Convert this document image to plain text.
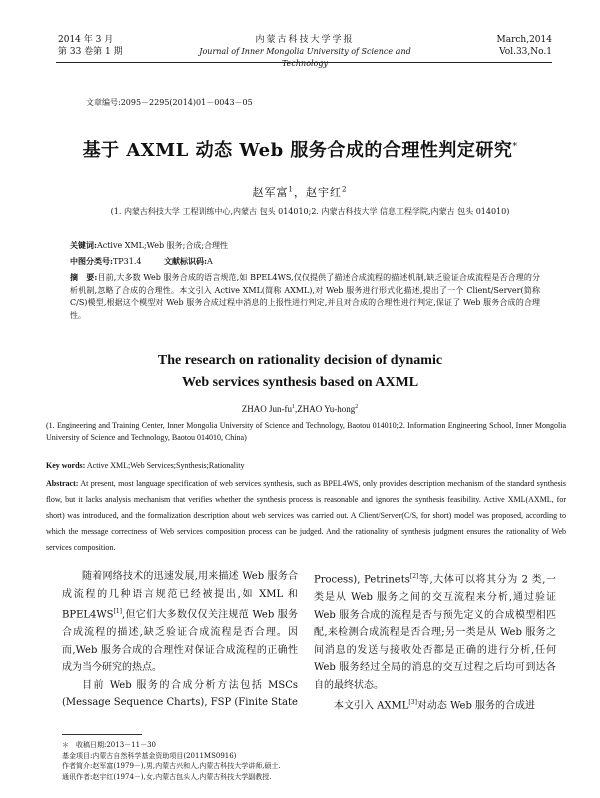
2014 年 3 月
第 33 卷第 1 期
内蒙古科技大学学报
Journal of Inner Mongolia University of Science and Technology
March,2014
Vol.33,No.1
文章编号:2095－2295(2014)01－0043－05
基于 AXML 动态 Web 服务合成的合理性判定研究*
赵军富$^1$，赵宇红$^2$
(1. 内蒙古科技大学 工程训练中心,内蒙古 包头 014010;2. 内蒙古科技大学 信息工程学院,内蒙古 包头 014010)
关键词:Active XML;Web 服务;合成;合理性
中图分类号:TP31.4	文献标识码:A
摘　要:目前,大多数 Web 服务合成的语言规范,如 BPEL4WS,仅仅提供了描述合成流程的描述机制,缺乏验证合成流程是否合理的分析机制,忽略了合成的合理性。本文引入 Active XML(简称 AXML),对 Web 服务进行形式化描述,提出了一个 Client/Server(简称 C/S)模型,根据这个模型对 Web 服务合成过程中消息的上报性进行判定,并且对合成的合理性进行判定,保证了 Web 服务合成的合理性。
The research on rationality decision of dynamic
Web services synthesis based on AXML
ZHAO Jun-$fu^1,ZHAO$ Yu-hong$^2$
(1. Engineering and Training Center, Inner Mongolia University of Science and Technology, Baotou 014010;2. Information Engineering School, Inner Mongolia University of Science and Technology, Baotou 014010, China)
Key words: Active XML;Web Services;Synthesis;Rationality
Abstract: At present, most language specification of web services synthesis, such as BPEL4WS, only provides description mechanism of the standard synthesis flow, but it lacks analysis mechanism that verifies whether the synthesis process is reasonable and ignores the synthesis feasibility. Active XML(AXML, for short) was introduced, and the formalization description about web services was carried out. A Client/Server(C/S, for short) model was proposed, according to which the message correctness of Web services composition process can be judged. And the rationality of synthesis judgment ensures the rationality of Web services composition.

随着网络技术的迅速发展,用来描述 Web 服务合成流程的几种语言规范已经被提出,如 XML 和 BPEL4WS[1],但它们大多数仅仅关注规范 Web 服务合成流程的描述,缺乏验证合成流程是否合理。因而,Web 服务合成的合理性对保证合成流程的正确性成为当今研究的热点。

目前 Web 服务的合成分析方法包括 MSCs (Message Sequence Charts), FSP (Finite State

Process), Petrinets[2]等,大体可以将其分为 2 类,一类是从 Web 服务之间的交互流程来分析,通过验证 Web 服务合成的流程是否与预先定义的合成模型相匹配,来检测合成流程是否合理;另一类是从 Web 服务之间消息的发送与接收处否都是正确的进行分析,任何 Web 服务经过全局的消息的交互过程之后均可到达各自的最终状态。

本文引入 AXML[3]对动态 Web 服务的合成进

＊　收稿日期:2013－11－30
基金项目:内蒙古自然科学基金资助项目(2011MS0916)
作者简介:赵军富(1979－),男,内蒙古兴和人,内蒙古科技大学讲师,硕士.
通讯作者:赵宇红(1974－),女,内蒙古包头人,内蒙古科技大学副教授.
